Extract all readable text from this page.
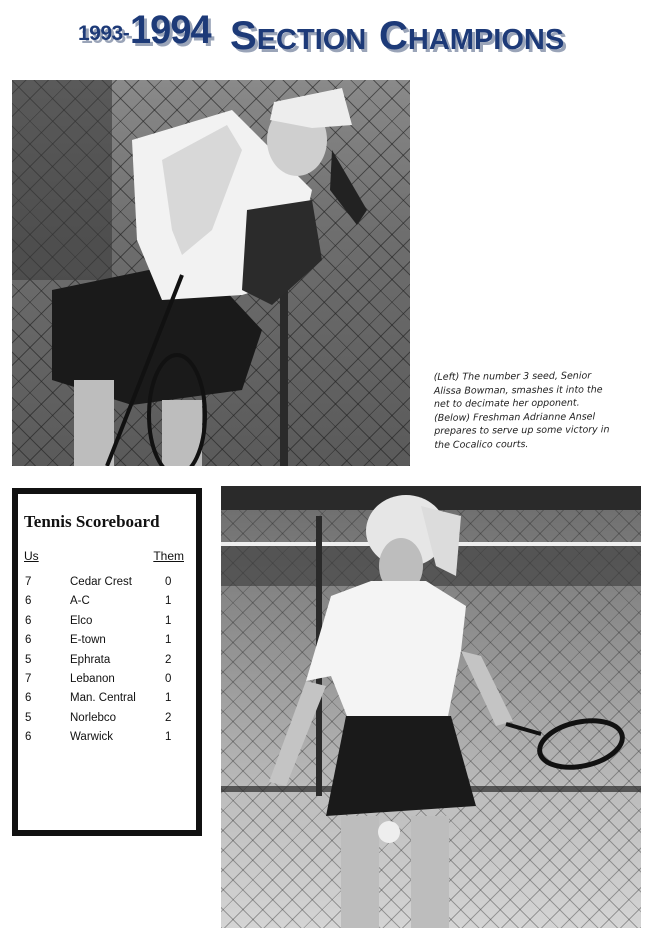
1993- 1994 SECTION CHAMPIONS
(Left) The number 3 seed, Senior
Alissa Bowman, smashes it into the
net to decimate her opponent.
(Below) Freshman Adrianne Ansel
prepares to serve up some victory in
the Cocalico courts.
Tennis Scoreboard
Us	Them
7	Cedar Crest	0
6	A-C	1
6	Elco	1
6	E-town	1
5	Ephrata	2
7	Lebanon	0
6	Man. Central	1
5	Norlebco	2
6	Warwick	1
